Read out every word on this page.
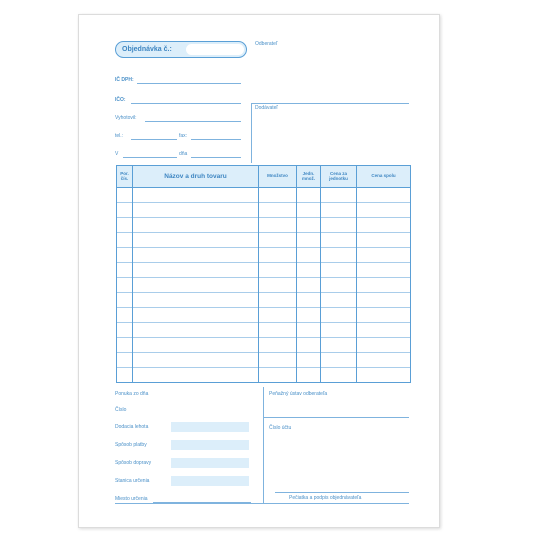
Objednávka č.:
Odberateľ
IČ DPH:
IČO:
Dodávateľ
Vyhotovil:
tel.:	fax:
V	dňa
Por. čís.	Názov a druh tovaru	Množstvo	Jedn. množ.	Cena za jednotku	Cena spolu

Ponuka zo dňa
Číslo
Dodacia lehota
Spôsob platby
Spôsob dopravy
Stanica určenia
Miesto určenia
Peňažný ústav odberateľa
Číslo účtu
Pečiatka a podpis objednávateľa
